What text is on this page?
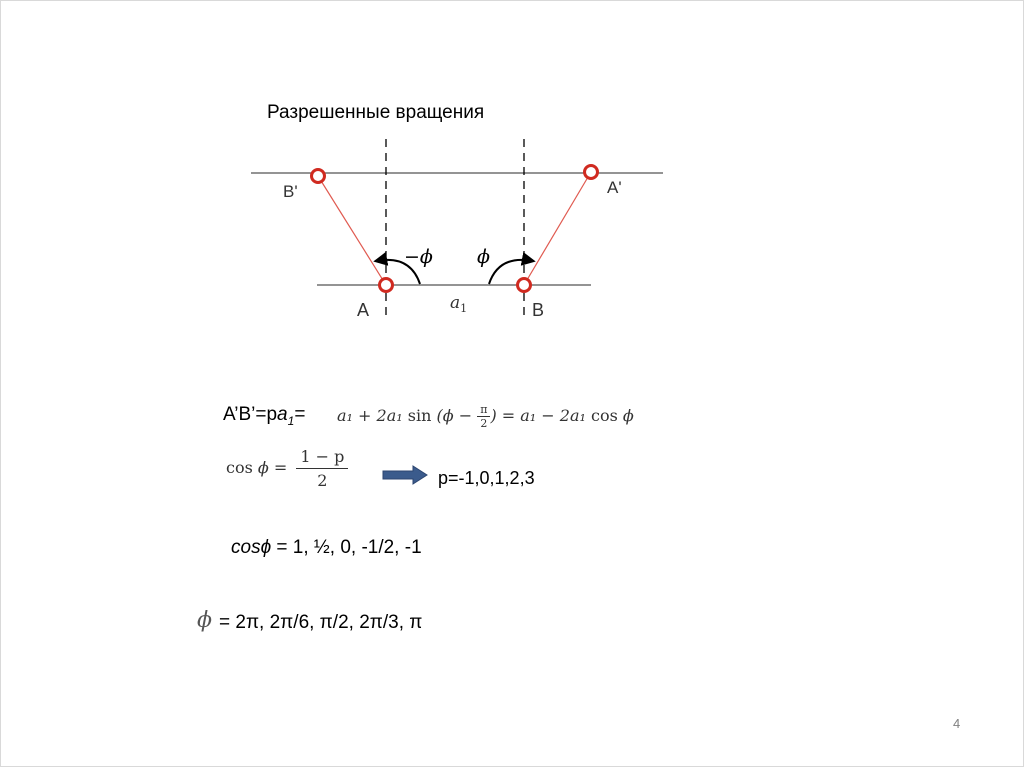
B'	A'
A	B
−ϕ ϕ
$a_1$
Разрешенные вращения
$A’B’=pa_1= a_1 + 2a_1$ $\sin (\phi - \frac{\pi}{2}$ ) = a₁ − 2a₁ cos ϕ
$\cos \phi = \frac{1 - p}{2}$	p=-1,0,1,2,3
cosϕ = 1, ½, 0, -1/2, -1
ϕ = 2π, 2π/6, π/2, 2π/3, π
4
